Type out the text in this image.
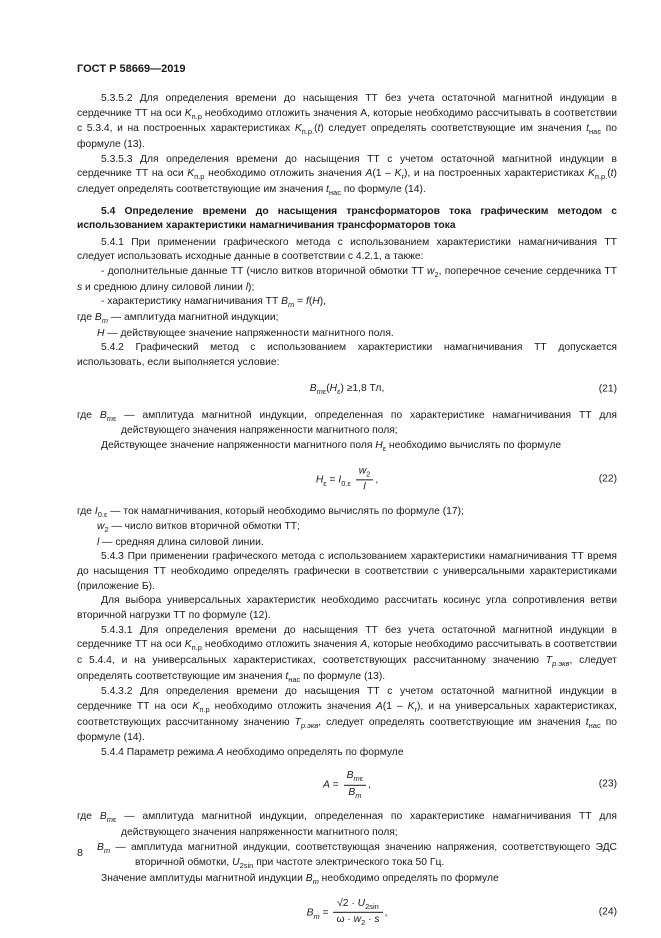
ГОСТ Р 58669—2019

5.3.5.2 Для определения времени до насыщения ТТ без учета остаточной магнитной индукции в сердечнике ТТ на оси $K_{п.р}$ необходимо отложить значения A, которые необходимо рассчитывать в соответствии с 5.3.4, и на построенных характеристиках $K_{п.р.}(t)$ следует определять соответствующие им значения $t_{нас}$ по формуле (13).

5.3.5.3 Для определения времени до насыщения ТТ с учетом остаточной магнитной индукции в сердечнике ТТ на оси $K_{п.р}$ необходимо отложить значения $A(1 - K_r)$, и на построенных характеристиках $K_{п.р.}(t)$ следует определять соответствующие им значения $t_{нас}$ по формуле (14).

5.4 Определение времени до насыщения трансформаторов тока графическим методом с использованием характеристики намагничивания трансформаторов тока

5.4.1 При применении графического метода с использованием характеристики намагничивания ТТ следует использовать исходные данные в соответствии с 4.2.1, а также:

- дополнительные данные ТТ (число витков вторичной обмотки ТТ $w_2$, поперечное сечение сердечника ТТ s и среднюю длину силовой линии l);

- характеристику намагничивания ТТ $B_m = f(H)$,

где $B_m$ — амплитуда магнитной индукции;

H — действующее значение напряженности магнитного поля.

5.4.2 Графический метод с использованием характеристики намагничивания ТТ допускается использовать, если выполняется условие:

$B_{m\varepsilon}(H_\varepsilon) \ge 1,8$ Тл,	(21)

где $B_{m\varepsilon}$ — амплитуда магнитной индукции, определенная по характеристике намагничивания ТТ для действующего значения напряженности магнитного поля;

Действующее значение напряженности магнитного поля $H_\varepsilon$ необходимо вычислять по формуле

$H_\varepsilon = I_{0.\varepsilon} \frac{w_2}{l}$ ,	(22)

где $I_{0.\varepsilon}$ — ток намагничивания, который необходимо вычислять по формуле (17);

$w_2$ — число витков вторичной обмотки ТТ;

l — средняя длина силовой линии.

5.4.3 При применении графического метода с использованием характеристики намагничивания ТТ время до насыщения ТТ необходимо определять графически в соответствии с универсальными характеристиками (приложение Б).

Для выбора универсальных характеристик необходимо рассчитать косинус угла сопротивления ветви вторичной нагрузки ТТ по формуле (12).

5.4.3.1 Для определения времени до насыщения ТТ без учета остаточной магнитной индукции в сердечнике ТТ на оси $K_{п.р}$ необходимо отложить значения A, которые необходимо рассчитывать в соответствии с 5.4.4, и на универсальных характеристиках, соответствующих рассчитанному значению $T_{р.экв}$, следует определять соответствующие им значения $t_{нас}$ по формуле (13).

5.4.3.2 Для определения времени до насыщения ТТ с учетом остаточной магнитной индукции в сердечнике ТТ на оси $K_{п.р}$ необходимо отложить значения $A(1 - K_r)$, и на универсальных характеристиках, соответствующих рассчитанному значению $T_{р.экв}$, следует определять соответствующие им значения $t_{нас}$ по формуле (14).

5.4.4 Параметр режима A необходимо определять по формуле

A =
$B_{m\varepsilon}$
$B_m$
,	(23)

где $B_{m\varepsilon}$ — амплитуда магнитной индукции, определенная по характеристике намагничивания ТТ для действующего значения напряженности магнитного поля;

$B_m$ — амплитуда магнитной индукции, соответствующая значению напряжения, соответствующего ЭДС вторичной обмотки, $U_{2sin}$ при частоте электрического тока 50 Гц.

Значение амплитуды магнитной индукции $B_m$ необходимо определять по формуле

$B_m = \frac{√2 \cdot U_{2sin}}{\omega \cdot w_2 \cdot s}$ ,	(24)
8
